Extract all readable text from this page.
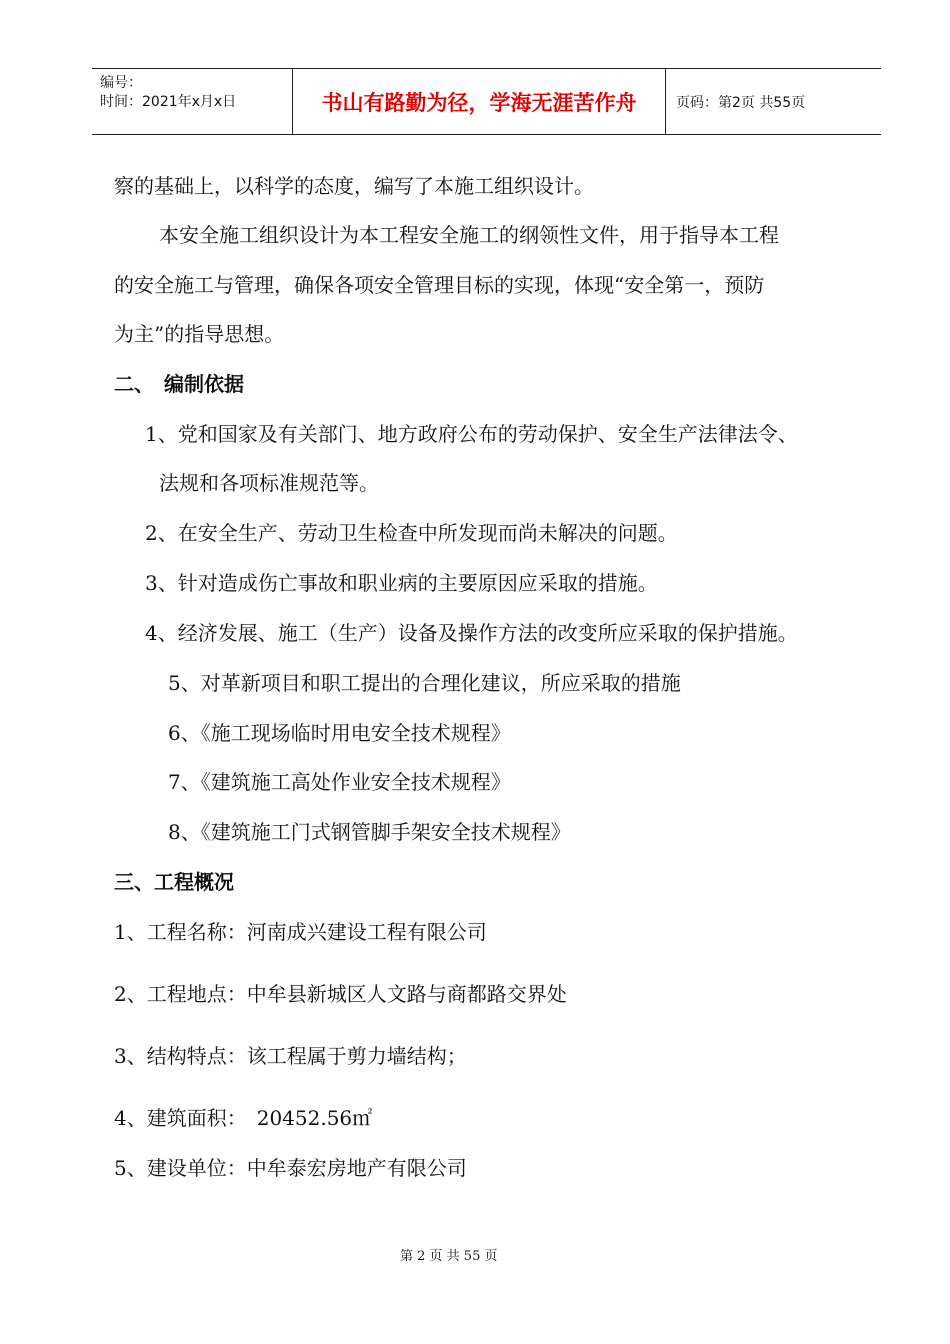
编号：
时间：2021年x月x日	书山有路勤为径，学海无涯苦作舟	页码：第2页 共55页
察的基础上，以科学的态度，编写了本施工组织设计。
本安全施工组织设计为本工程安全施工的纲领性文件，用于指导本工程
的安全施工与管理，确保各项安全管理目标的实现，体现“安全第一，预防
为主”的指导思想。
二、　编制依据
1、党和国家及有关部门、地方政府公布的劳动保护、安全生产法律法令、
法规和各项标准规范等。
2、在安全生产、劳动卫生检查中所发现而尚未解决的问题。
3、针对造成伤亡事故和职业病的主要原因应采取的措施。
4、经济发展、施工（生产）设备及操作方法的改变所应采取的保护措施。
5、对革新项目和职工提出的合理化建议，所应采取的措施
6、《施工现场临时用电安全技术规程》
7、《建筑施工高处作业安全技术规程》
8、《建筑施工门式钢管脚手架安全技术规程》
三、工程概况
1、工程名称：河南成兴建设工程有限公司
2、工程地点：中牟县新城区人文路与商都路交界处
3、结构特点：该工程属于剪力墙结构；
4、建筑面积：　20452.56㎡
5、建设单位：中牟泰宏房地产有限公司
第 2 页 共 55 页
